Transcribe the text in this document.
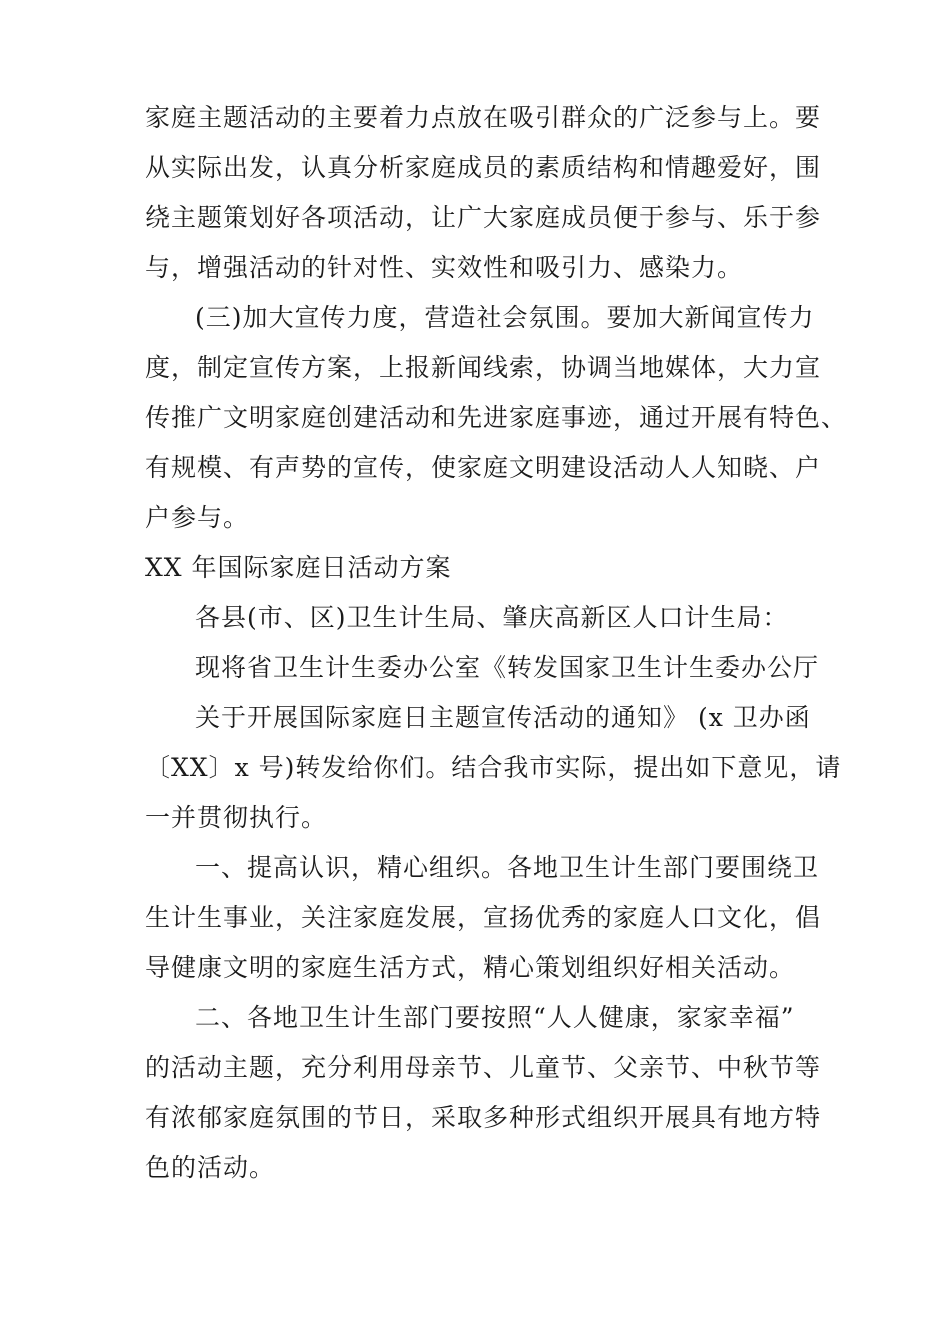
家庭主题活动的主要着力点放在吸引群众的广泛参与上。要
从实际出发，认真分析家庭成员的素质结构和情趣爱好，围
绕主题策划好各项活动，让广大家庭成员便于参与、乐于参
与，增强活动的针对性、实效性和吸引力、感染力。
(三)加大宣传力度，营造社会氛围。要加大新闻宣传力
度，制定宣传方案，上报新闻线索，协调当地媒体，大力宣
传推广文明家庭创建活动和先进家庭事迹，通过开展有特色、
有规模、有声势的宣传，使家庭文明建设活动人人知晓、户
户参与。
XX 年国际家庭日活动方案
各县(市、区)卫生计生局、肇庆高新区人口计生局：
现将省卫生计生委办公室《转发国家卫生计生委办公厅
关于开展国际家庭日主题宣传活动的通知》 (x 卫办函
〔XX〕x 号)转发给你们。结合我市实际，提出如下意见，请
一并贯彻执行。
一、提高认识，精心组织。各地卫生计生部门要围绕卫
生计生事业，关注家庭发展，宣扬优秀的家庭人口文化，倡
导健康文明的家庭生活方式，精心策划组织好相关活动。
二、各地卫生计生部门要按照“人人健康，家家幸福”
的活动主题，充分利用母亲节、儿童节、父亲节、中秋节等
有浓郁家庭氛围的节日，采取多种形式组织开展具有地方特
色的活动。
